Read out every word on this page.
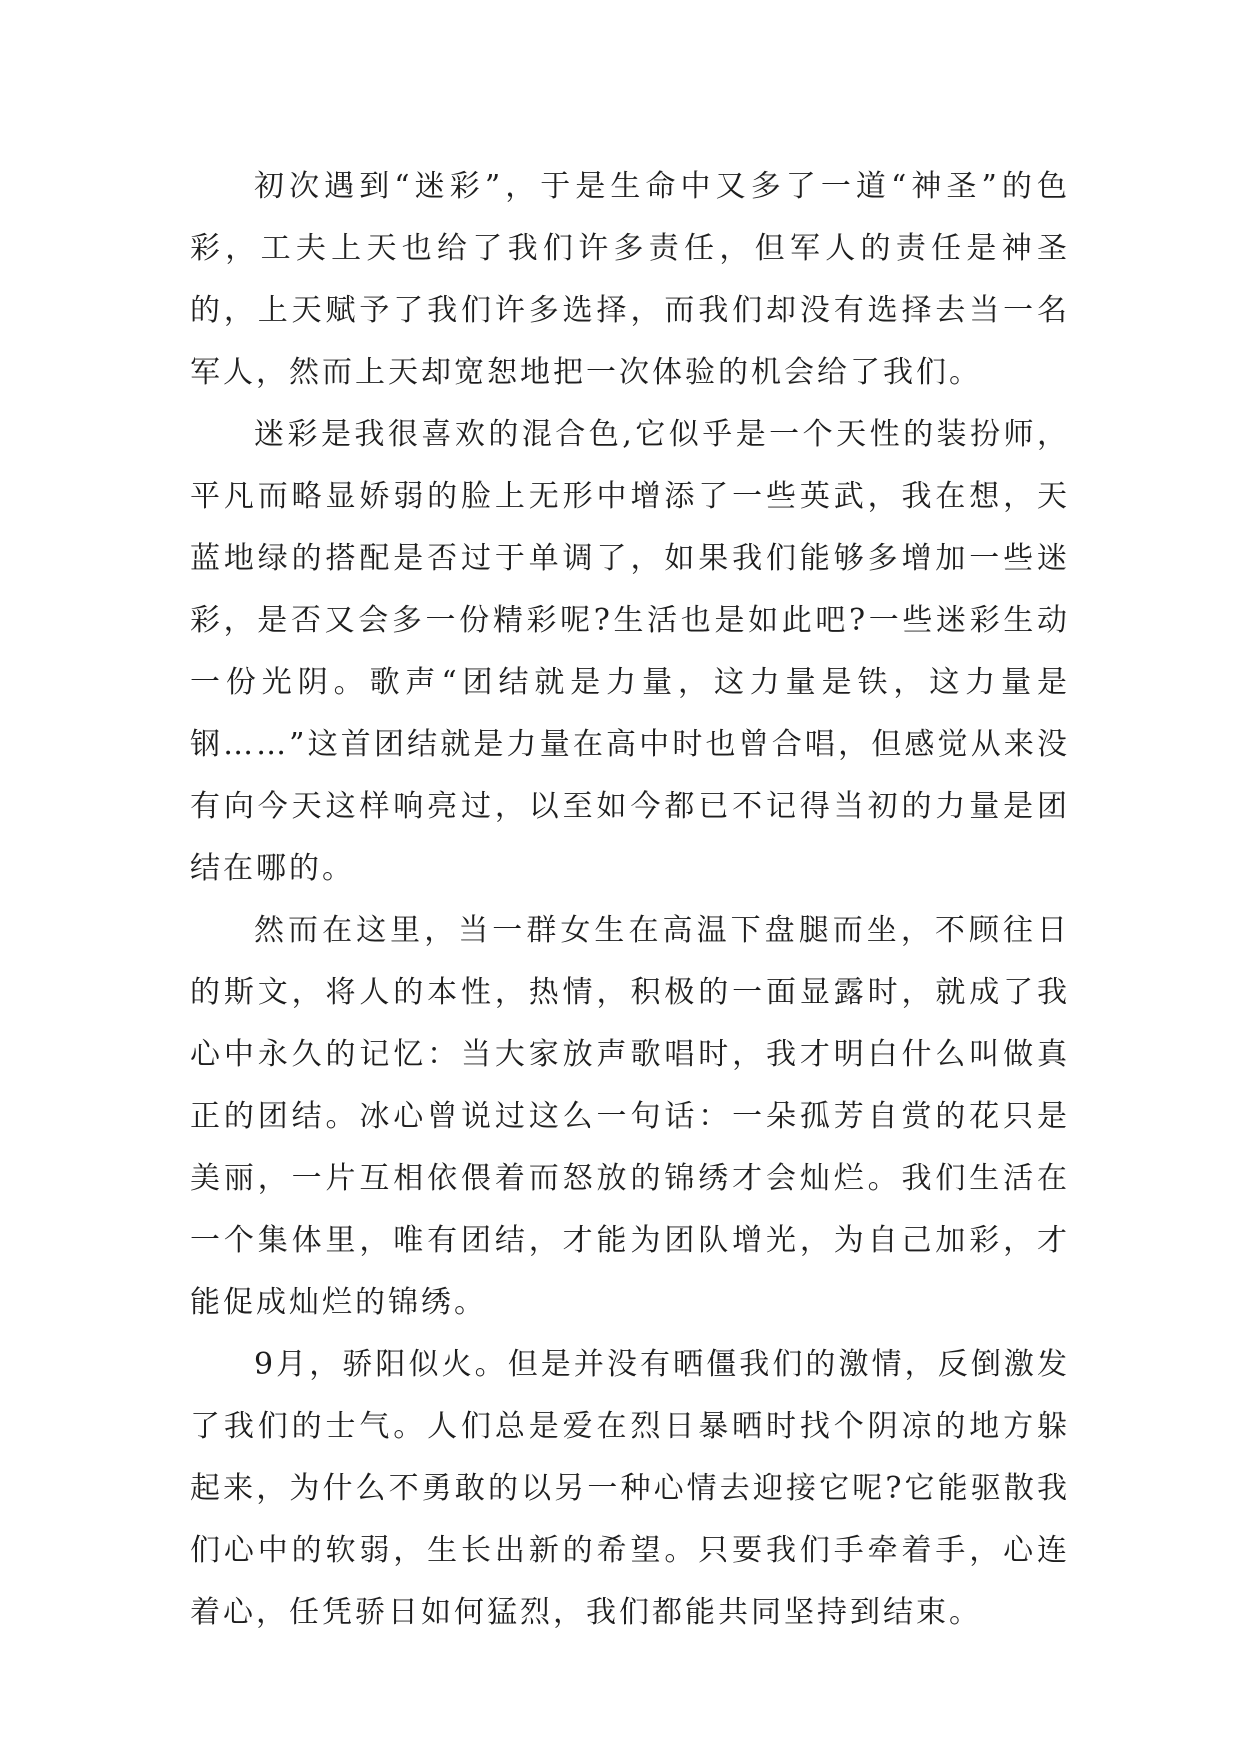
初次遇到“迷彩”，于是生命中又多了一道“神圣”的色彩，工夫上天也给了我们许多责任，但军人的责任是神圣的，上天赋予了我们许多选择，而我们却没有选择去当一名军人，然而上天却宽恕地把一次体验的机会给了我们。

迷彩是我很喜欢的混合色,它似乎是一个天性的装扮师，平凡而略显娇弱的脸上无形中增添了一些英武，我在想，天蓝地绿的搭配是否过于单调了，如果我们能够多增加一些迷彩，是否又会多一份精彩呢?生活也是如此吧?一些迷彩生动一份光阴。歌声“团结就是力量，这力量是铁，这力量是钢……”这首团结就是力量在高中时也曾合唱，但感觉从来没有向今天这样响亮过，以至如今都已不记得当初的力量是团结在哪的。

然而在这里，当一群女生在高温下盘腿而坐，不顾往日的斯文，将人的本性，热情，积极的一面显露时，就成了我心中永久的记忆：当大家放声歌唱时，我才明白什么叫做真正的团结。冰心曾说过这么一句话：一朵孤芳自赏的花只是美丽，一片互相依偎着而怒放的锦绣才会灿烂。我们生活在一个集体里，唯有团结，才能为团队增光，为自己加彩，才能促成灿烂的锦绣。

9月，骄阳似火。但是并没有晒僵我们的激情，反倒激发了我们的士气。人们总是爱在烈日暴晒时找个阴凉的地方躲起来，为什么不勇敢的以另一种心情去迎接它呢?它能驱散我们心中的软弱，生长出新的希望。只要我们手牵着手，心连着心，任凭骄日如何猛烈，我们都能共同坚持到结束。
